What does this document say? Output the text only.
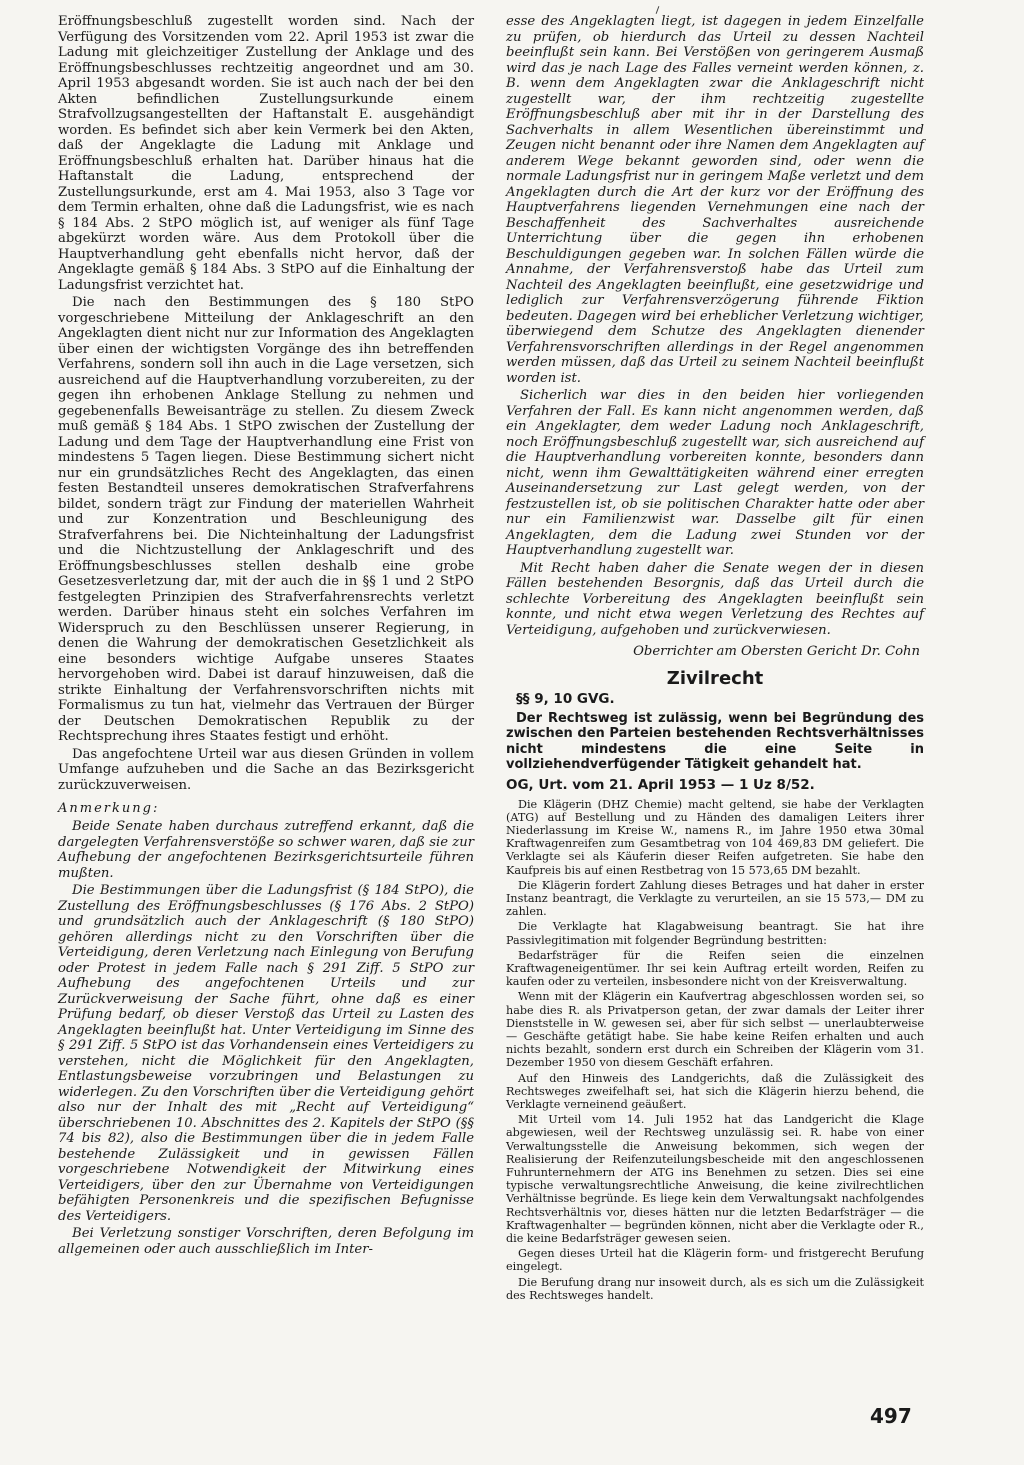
Eröffnungsbeschluß zugestellt worden sind. Nach der Verfügung des Vorsitzenden vom 22. April 1953 ist zwar die Ladung mit gleichzeitiger Zustellung der Anklage und des Eröffnungsbeschlusses rechtzeitig angeordnet und am 30. April 1953 abgesandt worden. Sie ist auch nach der bei den Akten befindlichen Zustellungsurkunde einem Strafvollzugsangestellten der Haftanstalt E. ausgehändigt worden. Es befindet sich aber kein Vermerk bei den Akten, daß der Angeklagte die Ladung mit Anklage und Eröffnungsbeschluß erhalten hat. Darüber hinaus hat die Haftanstalt die Ladung, entsprechend der Zustellungsurkunde, erst am 4. Mai 1953, also 3 Tage vor dem Termin erhalten, ohne daß die Ladungsfrist, wie es nach § 184 Abs. 2 StPO möglich ist, auf weniger als fünf Tage abgekürzt worden wäre. Aus dem Protokoll über die Hauptverhandlung geht ebenfalls nicht hervor, daß der Angeklagte gemäß § 184 Abs. 3 StPO auf die Einhaltung der Ladungsfrist verzichtet hat.

Die nach den Bestimmungen des § 180 StPO vorgeschriebene Mitteilung der Anklageschrift an den Angeklagten dient nicht nur zur Information des Angeklagten über einen der wichtigsten Vorgänge des ihn betreffenden Verfahrens, sondern soll ihn auch in die Lage versetzen, sich ausreichend auf die Hauptverhandlung vorzubereiten, zu der gegen ihn erhobenen Anklage Stellung zu nehmen und gegebenenfalls Beweisanträge zu stellen. Zu diesem Zweck muß gemäß § 184 Abs. 1 StPO zwischen der Zustellung der Ladung und dem Tage der Hauptverhandlung eine Frist von mindestens 5 Tagen liegen. Diese Bestimmung sichert nicht nur ein grundsätzliches Recht des Angeklagten, das einen festen Bestandteil unseres demokratischen Strafverfahrens bildet, sondern trägt zur Findung der materiellen Wahrheit und zur Konzentration und Beschleunigung des Strafverfahrens bei. Die Nichteinhaltung der Ladungsfrist und die Nichtzustellung der Anklageschrift und des Eröffnungsbeschlusses stellen deshalb eine grobe Gesetzesverletzung dar, mit der auch die in §§ 1 und 2 StPO festgelegten Prinzipien des Strafverfahrensrechts verletzt werden. Darüber hinaus steht ein solches Verfahren im Widerspruch zu den Beschlüssen unserer Regierung, in denen die Wahrung der demokratischen Gesetzlichkeit als eine besonders wichtige Aufgabe unseres Staates hervorgehoben wird. Dabei ist darauf hinzuweisen, daß die strikte Einhaltung der Verfahrensvorschriften nichts mit Formalismus zu tun hat, vielmehr das Vertrauen der Bürger der Deutschen Demokratischen Republik zu der Rechtsprechung ihres Staates festigt und erhöht.

Das angefochtene Urteil war aus diesen Gründen in vollem Umfange aufzuheben und die Sache an das Bezirksgericht zurückzuverweisen.

Anmerkung:

Beide Senate haben durchaus zutreffend erkannt, daß die dargelegten Verfahrensverstöße so schwer waren, daß sie zur Aufhebung der angefochtenen Bezirksgerichtsurteile führen mußten.

Die Bestimmungen über die Ladungsfrist (§ 184 StPO), die Zustellung des Eröffnungsbeschlusses (§ 176 Abs. 2 StPO) und grundsätzlich auch der Anklageschrift (§ 180 StPO) gehören allerdings nicht zu den Vorschriften über die Verteidigung, deren Verletzung nach Einlegung von Berufung oder Protest in jedem Falle nach § 291 Ziff. 5 StPO zur Aufhebung des angefochtenen Urteils und zur Zurückverweisung der Sache führt, ohne daß es einer Prüfung bedarf, ob dieser Verstoß das Urteil zu Lasten des Angeklagten beeinflußt hat. Unter Verteidigung im Sinne des § 291 Ziff. 5 StPO ist das Vorhandensein eines Verteidigers zu verstehen, nicht die Möglichkeit für den Angeklagten, Entlastungsbeweise vorzubringen und Belastungen zu widerlegen. Zu den Vorschriften über die Verteidigung gehört also nur der Inhalt des mit „Recht auf Verteidigung“ überschriebenen 10. Abschnittes des 2. Kapitels der StPO (§§ 74 bis 82), also die Bestimmungen über die in jedem Falle bestehende Zulässigkeit und in gewissen Fällen vorgeschriebene Notwendigkeit der Mitwirkung eines Verteidigers, über den zur Übernahme von Verteidigungen befähigten Personenkreis und die spezifischen Befugnisse des Verteidigers.

Bei Verletzung sonstiger Vorschriften, deren Befolgung im allgemeinen oder auch ausschließlich im Inter-

esse des Angeklagten liegt, ist dagegen in jedem Einzelfalle zu prüfen, ob hierdurch das Urteil zu dessen Nachteil beeinflußt sein kann. Bei Verstößen von geringerem Ausmaß wird das je nach Lage des Falles verneint werden können, z. B. wenn dem Angeklagten zwar die Anklageschrift nicht zugestellt war, der ihm rechtzeitig zugestellte Eröffnungsbeschluß aber mit ihr in der Darstellung des Sachverhalts in allem Wesentlichen übereinstimmt und Zeugen nicht benannt oder ihre Namen dem Angeklagten auf anderem Wege bekannt geworden sind, oder wenn die normale Ladungsfrist nur in geringem Maße verletzt und dem Angeklagten durch die Art der kurz vor der Eröffnung des Hauptverfahrens liegenden Vernehmungen eine nach der Beschaffenheit des Sachverhaltes ausreichende Unterrichtung über die gegen ihn erhobenen Beschuldigungen gegeben war. In solchen Fällen würde die Annahme, der Verfahrensverstoß habe das Urteil zum Nachteil des Angeklagten beeinflußt, eine gesetzwidrige und lediglich zur Verfahrensverzögerung führende Fiktion bedeuten. Dagegen wird bei erheblicher Verletzung wichtiger, überwiegend dem Schutze des Angeklagten dienender Verfahrensvorschriften allerdings in der Regel angenommen werden müssen, daß das Urteil zu seinem Nachteil beeinflußt worden ist.

Sicherlich war dies in den beiden hier vorliegenden Verfahren der Fall. Es kann nicht angenommen werden, daß ein Angeklagter, dem weder Ladung noch Anklageschrift, noch Eröffnungsbeschluß zugestellt war, sich ausreichend auf die Hauptverhandlung vorbereiten konnte, besonders dann nicht, wenn ihm Gewalttätigkeiten während einer erregten Auseinandersetzung zur Last gelegt werden, von der festzustellen ist, ob sie politischen Charakter hatte oder aber nur ein Familienzwist war. Dasselbe gilt für einen Angeklagten, dem die Ladung zwei Stunden vor der Hauptverhandlung zugestellt war.

Mit Recht haben daher die Senate wegen der in diesen Fällen bestehenden Besorgnis, daß das Urteil durch die schlechte Vorbereitung des Angeklagten beeinflußt sein konnte, und nicht etwa wegen Verletzung des Rechtes auf Verteidigung, aufgehoben und zurückverwiesen.

Oberrichter am Obersten Gericht Dr. Cohn
Zivilrecht
§§ 9, 10 GVG.

Der Rechtsweg ist zulässig, wenn bei Begründung des zwischen den Parteien bestehenden Rechtsverhältnisses nicht mindestens die eine Seite in vollziehendverfügender Tätigkeit gehandelt hat.

OG, Urt. vom 21. April 1953 — 1 Uz 8/52.

Die Klägerin (DHZ Chemie) macht geltend, sie habe der Verklagten (ATG) auf Bestellung und zu Händen des damaligen Leiters ihrer Niederlassung im Kreise W., namens R., im Jahre 1950 etwa 30mal Kraftwagenreifen zum Gesamtbetrag von 104 469,83 DM geliefert. Die Verklagte sei als Käuferin dieser Reifen aufgetreten. Sie habe den Kaufpreis bis auf einen Restbetrag von 15 573,65 DM bezahlt.

Die Klägerin fordert Zahlung dieses Betrages und hat daher in erster Instanz beantragt, die Verklagte zu verurteilen, an sie 15 573,— DM zu zahlen.

Die Verklagte hat Klagabweisung beantragt. Sie hat ihre Passivlegitimation mit folgender Begründung bestritten:

Bedarfsträger für die Reifen seien die einzelnen Kraftwageneigentümer. Ihr sei kein Auftrag erteilt worden, Reifen zu kaufen oder zu verteilen, insbesondere nicht von der Kreisverwaltung.

Wenn mit der Klägerin ein Kaufvertrag abgeschlossen worden sei, so habe dies R. als Privatperson getan, der zwar damals der Leiter ihrer Dienststelle in W. gewesen sei, aber für sich selbst — unerlaubterweise — Geschäfte getätigt habe. Sie habe keine Reifen erhalten und auch nichts bezahlt, sondern erst durch ein Schreiben der Klägerin vom 31. Dezember 1950 von diesem Geschäft erfahren.

Auf den Hinweis des Landgerichts, daß die Zulässigkeit des Rechtsweges zweifelhaft sei, hat sich die Klägerin hierzu behend, die Verklagte verneinend geäußert.

Mit Urteil vom 14. Juli 1952 hat das Landgericht die Klage abgewiesen, weil der Rechtsweg unzulässig sei. R. habe von einer Verwaltungsstelle die Anweisung bekommen, sich wegen der Realisierung der Reifenzuteilungsbescheide mit den angeschlossenen Fuhrunternehmern der ATG ins Benehmen zu setzen. Dies sei eine typische verwaltungsrechtliche Anweisung, die keine zivilrechtlichen Verhältnisse begründe. Es liege kein dem Verwaltungsakt nachfolgendes Rechtsverhältnis vor, dieses hätten nur die letzten Bedarfsträger — die Kraftwagenhalter — begründen können, nicht aber die Verklagte oder R., die keine Bedarfsträger gewesen seien.

Gegen dieses Urteil hat die Klägerin form- und fristgerecht Berufung eingelegt.

Die Berufung drang nur insoweit durch, als es sich um die Zulässigkeit des Rechtsweges handelt.

497
